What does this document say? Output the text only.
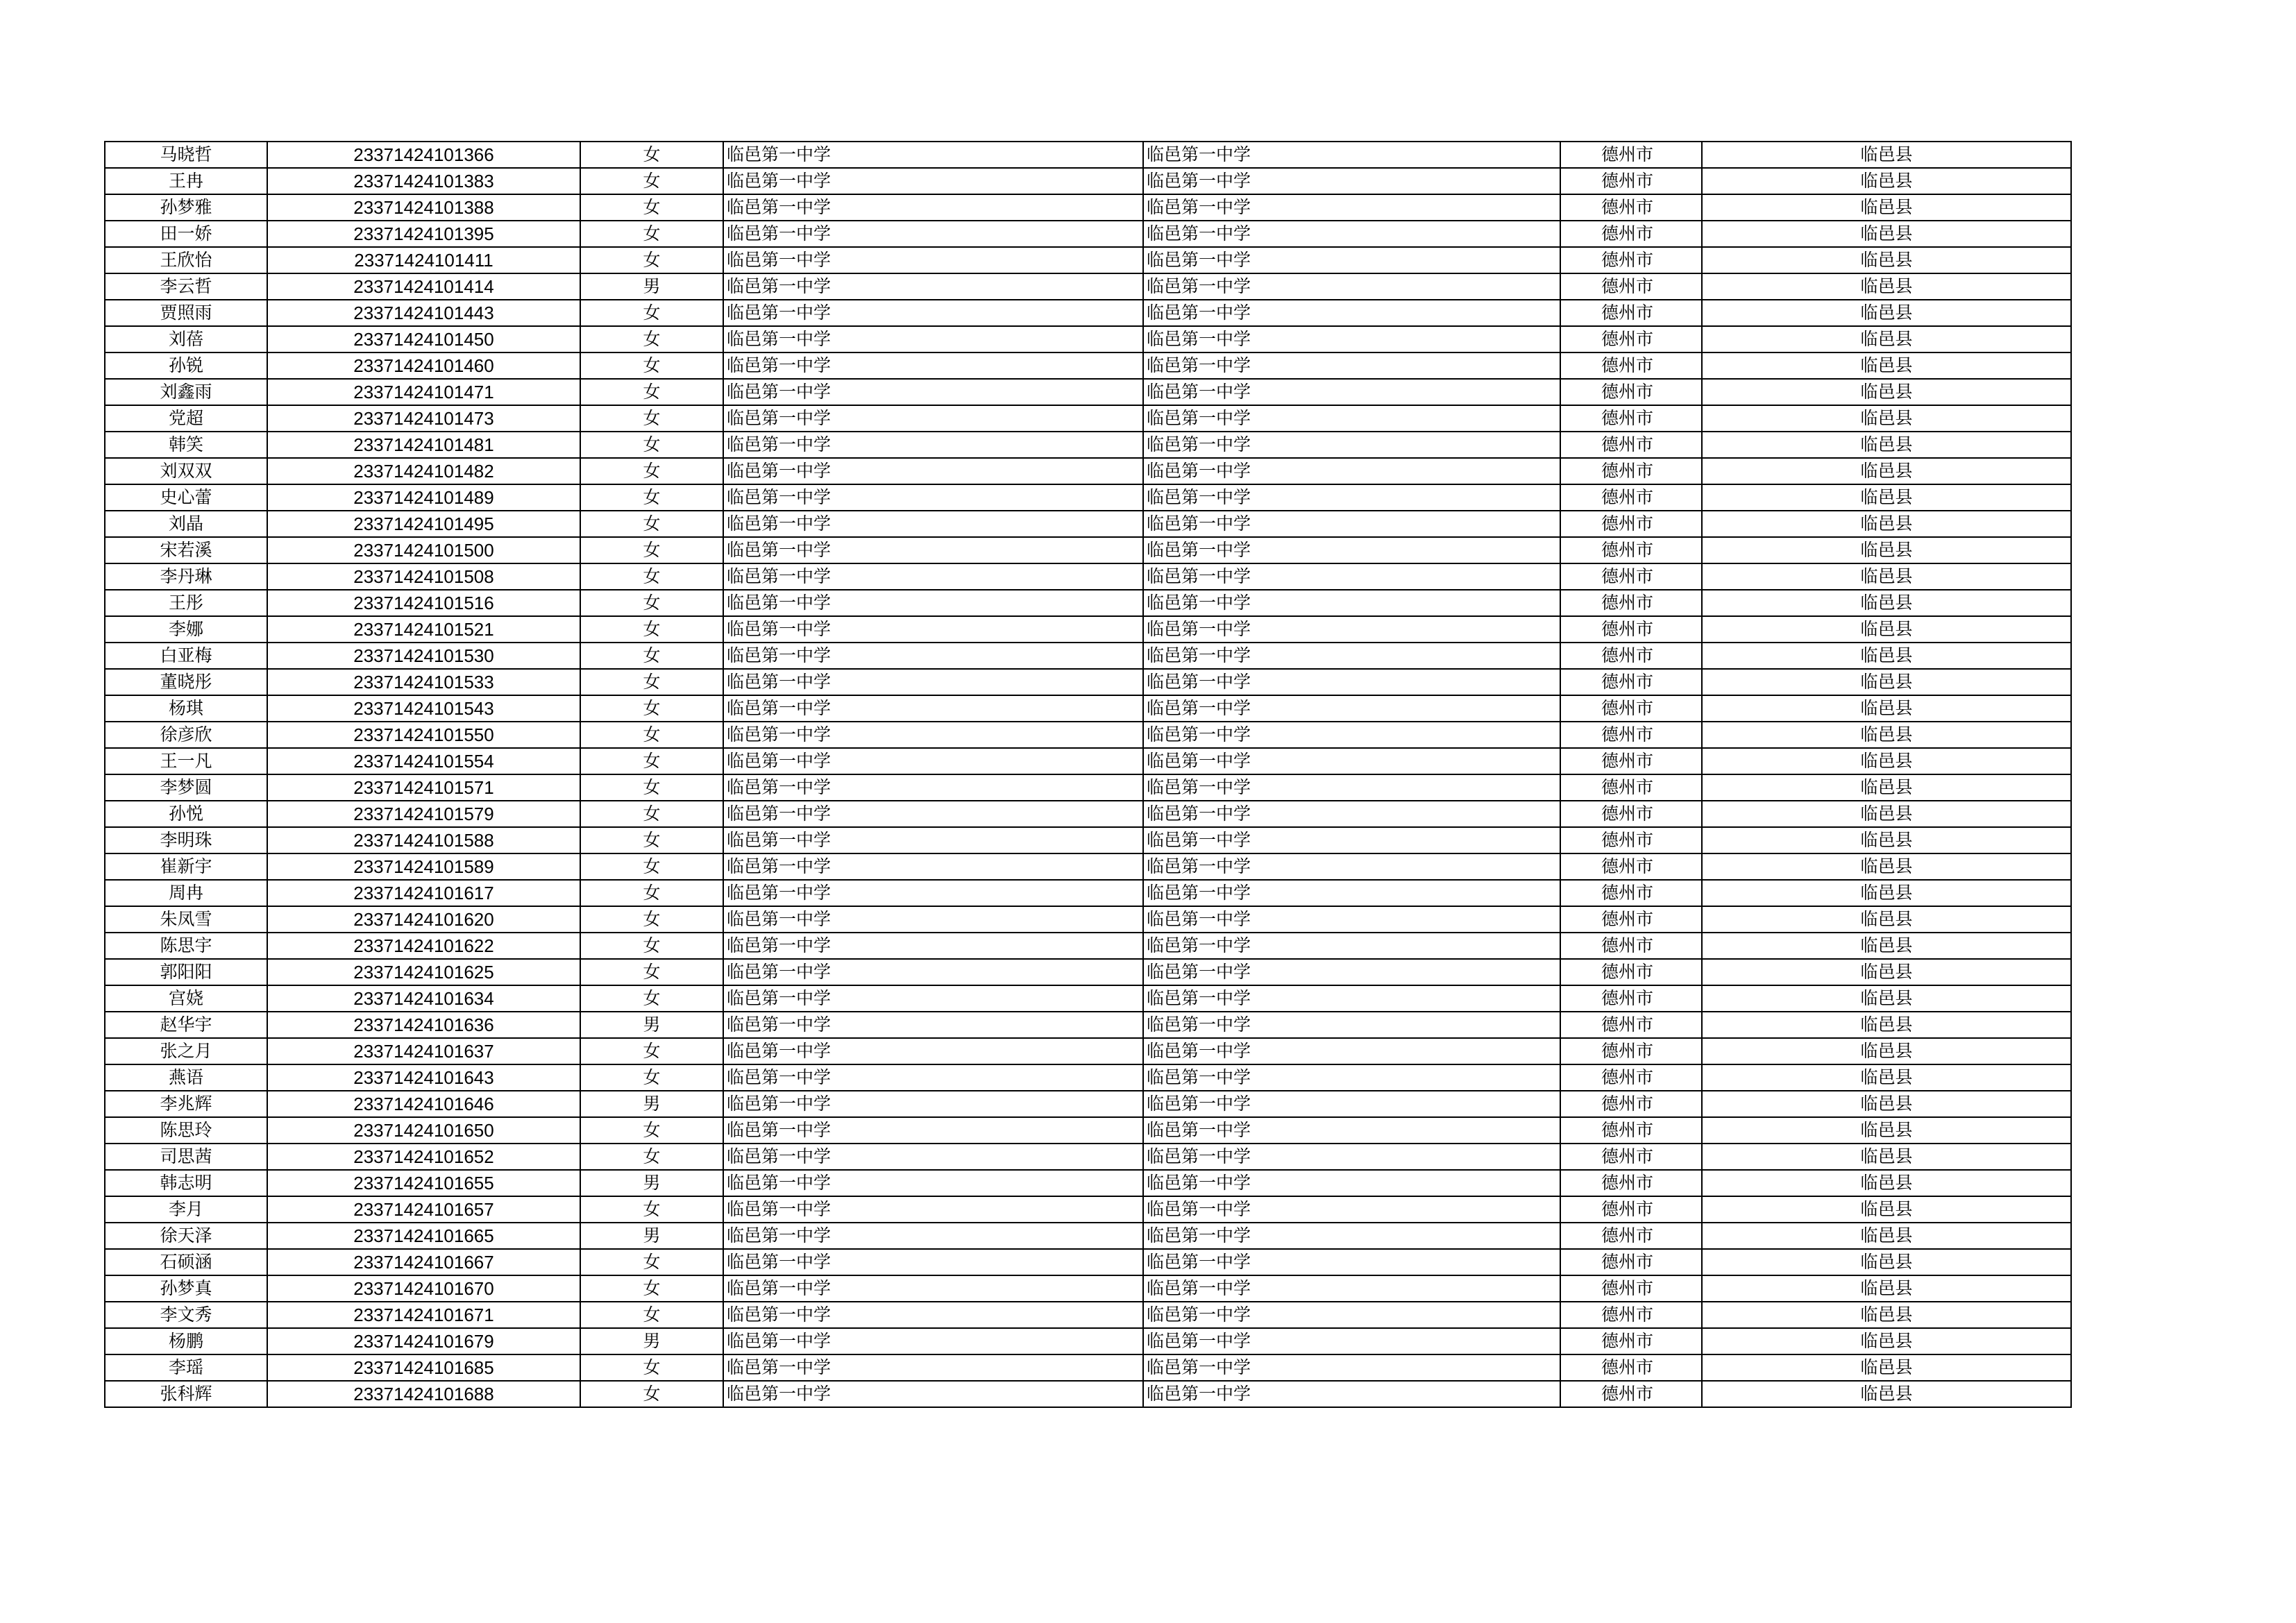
马晓哲	23371424101366	女	临邑第一中学	临邑第一中学	德州市	临邑县
王冉	23371424101383	女	临邑第一中学	临邑第一中学	德州市	临邑县
孙梦雅	23371424101388	女	临邑第一中学	临邑第一中学	德州市	临邑县
田一娇	23371424101395	女	临邑第一中学	临邑第一中学	德州市	临邑县
王欣怡	23371424101411	女	临邑第一中学	临邑第一中学	德州市	临邑县
李云哲	23371424101414	男	临邑第一中学	临邑第一中学	德州市	临邑县
贾照雨	23371424101443	女	临邑第一中学	临邑第一中学	德州市	临邑县
刘蓓	23371424101450	女	临邑第一中学	临邑第一中学	德州市	临邑县
孙锐	23371424101460	女	临邑第一中学	临邑第一中学	德州市	临邑县
刘鑫雨	23371424101471	女	临邑第一中学	临邑第一中学	德州市	临邑县
党超	23371424101473	女	临邑第一中学	临邑第一中学	德州市	临邑县
韩笑	23371424101481	女	临邑第一中学	临邑第一中学	德州市	临邑县
刘双双	23371424101482	女	临邑第一中学	临邑第一中学	德州市	临邑县
史心蕾	23371424101489	女	临邑第一中学	临邑第一中学	德州市	临邑县
刘晶	23371424101495	女	临邑第一中学	临邑第一中学	德州市	临邑县
宋若溪	23371424101500	女	临邑第一中学	临邑第一中学	德州市	临邑县
李丹琳	23371424101508	女	临邑第一中学	临邑第一中学	德州市	临邑县
王彤	23371424101516	女	临邑第一中学	临邑第一中学	德州市	临邑县
李娜	23371424101521	女	临邑第一中学	临邑第一中学	德州市	临邑县
白亚梅	23371424101530	女	临邑第一中学	临邑第一中学	德州市	临邑县
董晓彤	23371424101533	女	临邑第一中学	临邑第一中学	德州市	临邑县
杨琪	23371424101543	女	临邑第一中学	临邑第一中学	德州市	临邑县
徐彦欣	23371424101550	女	临邑第一中学	临邑第一中学	德州市	临邑县
王一凡	23371424101554	女	临邑第一中学	临邑第一中学	德州市	临邑县
李梦圆	23371424101571	女	临邑第一中学	临邑第一中学	德州市	临邑县
孙悦	23371424101579	女	临邑第一中学	临邑第一中学	德州市	临邑县
李明珠	23371424101588	女	临邑第一中学	临邑第一中学	德州市	临邑县
崔新宇	23371424101589	女	临邑第一中学	临邑第一中学	德州市	临邑县
周冉	23371424101617	女	临邑第一中学	临邑第一中学	德州市	临邑县
朱凤雪	23371424101620	女	临邑第一中学	临邑第一中学	德州市	临邑县
陈思宇	23371424101622	女	临邑第一中学	临邑第一中学	德州市	临邑县
郭阳阳	23371424101625	女	临邑第一中学	临邑第一中学	德州市	临邑县
宫娆	23371424101634	女	临邑第一中学	临邑第一中学	德州市	临邑县
赵华宇	23371424101636	男	临邑第一中学	临邑第一中学	德州市	临邑县
张之月	23371424101637	女	临邑第一中学	临邑第一中学	德州市	临邑县
燕语	23371424101643	女	临邑第一中学	临邑第一中学	德州市	临邑县
李兆辉	23371424101646	男	临邑第一中学	临邑第一中学	德州市	临邑县
陈思玲	23371424101650	女	临邑第一中学	临邑第一中学	德州市	临邑县
司思茜	23371424101652	女	临邑第一中学	临邑第一中学	德州市	临邑县
韩志明	23371424101655	男	临邑第一中学	临邑第一中学	德州市	临邑县
李月	23371424101657	女	临邑第一中学	临邑第一中学	德州市	临邑县
徐天泽	23371424101665	男	临邑第一中学	临邑第一中学	德州市	临邑县
石硕涵	23371424101667	女	临邑第一中学	临邑第一中学	德州市	临邑县
孙梦真	23371424101670	女	临邑第一中学	临邑第一中学	德州市	临邑县
李文秀	23371424101671	女	临邑第一中学	临邑第一中学	德州市	临邑县
杨鹏	23371424101679	男	临邑第一中学	临邑第一中学	德州市	临邑县
李瑶	23371424101685	女	临邑第一中学	临邑第一中学	德州市	临邑县
张科辉	23371424101688	女	临邑第一中学	临邑第一中学	德州市	临邑县
